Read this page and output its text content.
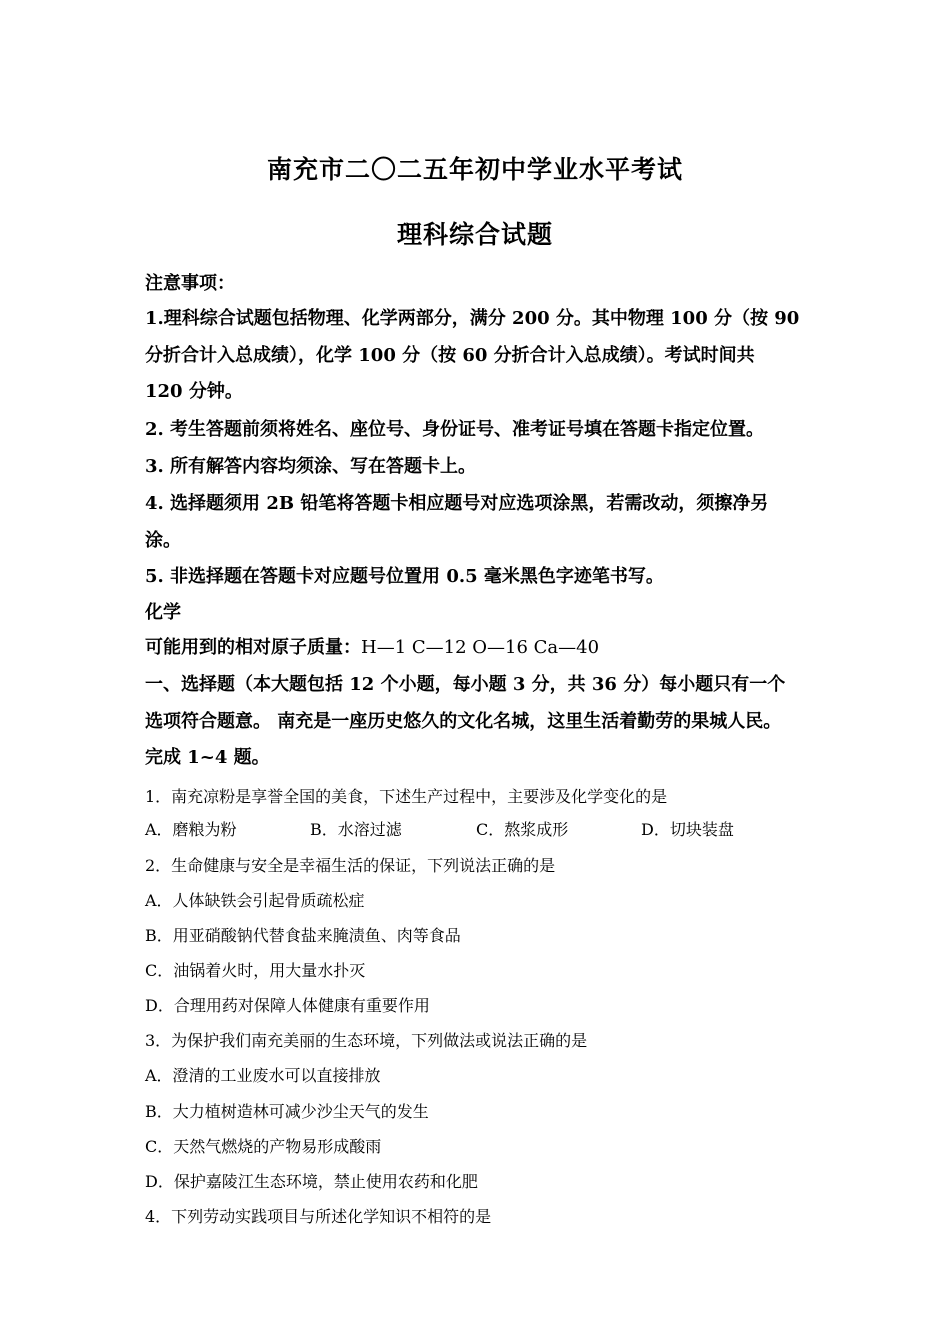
南充市二〇二五年初中学业水平考试
理科综合试题
注意事项：
1.理科综合试题包括物理、化学两部分，满分 200 分。其中物理 100 分（按 90
分折合计入总成绩），化学 100 分（按 60 分折合计入总成绩）。考试时间共
120 分钟。
2. 考生答题前须将姓名、座位号、身份证号、准考证号填在答题卡指定位置。
3. 所有解答内容均须涂、写在答题卡上。
4. 选择题须用 2B 铅笔将答题卡相应题号对应选项涂黑，若需改动，须擦净另
涂。
5. 非选择题在答题卡对应题号位置用 0.5 毫米黑色字迹笔书写。
化学
可能用到的相对原子质量：H—1 C—12 O—16 Ca—40
一、选择题（本大题包括 12 个小题，每小题 3 分，共 36 分）每小题只有一个
选项符合题意。 南充是一座历史悠久的文化名城，这里生活着勤劳的果城人民。
完成 1~4 题。
1．南充凉粉是享誉全国的美食，下述生产过程中，主要涉及化学变化的是
A．磨粮为粉	B．水溶过滤	C．熬浆成形	D．切块装盘
2．生命健康与安全是幸福生活的保证，下列说法正确的是
A．人体缺铁会引起骨质疏松症
B．用亚硝酸钠代替食盐来腌渍鱼、肉等食品
C．油锅着火时，用大量水扑灭
D．合理用药对保障人体健康有重要作用
3．为保护我们南充美丽的生态环境，下列做法或说法正确的是
A．澄清的工业废水可以直接排放
B．大力植树造林可减少沙尘天气的发生
C．天然气燃烧的产物易形成酸雨
D．保护嘉陵江生态环境，禁止使用农药和化肥
4．下列劳动实践项目与所述化学知识不相符的是
